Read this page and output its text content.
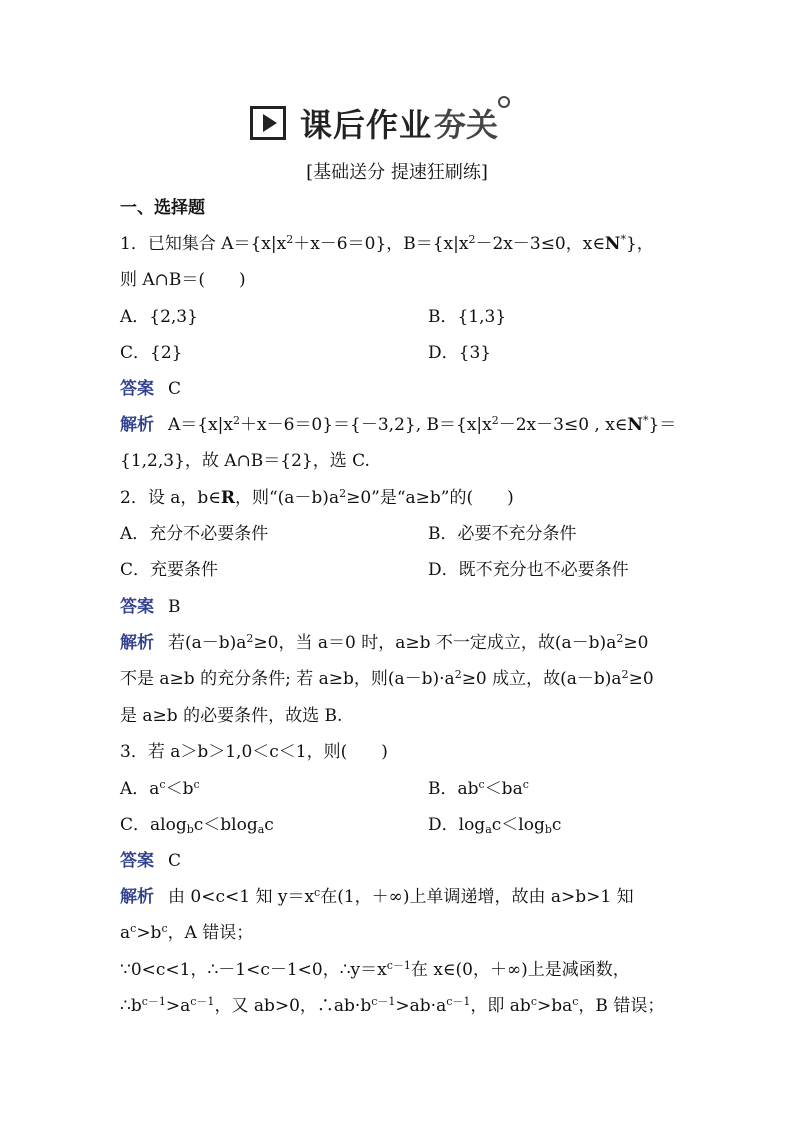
课后作业 夯关
[基础送分 提速狂刷练]
一、选择题
1．已知集合 $A=\{x|x^2+x-6=0\}$，$B=\{x|x^2-2x-3\le 0$，x∈N*}，
则 A∩B＝(　　)
A．{2,3}	B．{1,3}
C．{2}	D．{3}
答案 C
解析 $A=\{x|x^2+x-6=0\}=\{-3,2\}$, $B=\{x|x^2-2x-3\le 0$ , x∈N*}＝
{1,2,3}，故 A∩B＝{2}，选 C.
2．设 a，b∈R，则“$(a-b)a^2\ge 0$”是“a≥b”的(　　)
A．充分不必要条件	B．必要不充分条件
C．充要条件	D．既不充分也不必要条件
答案 B
解析 若$(a-b)a^2\ge 0$，当 a＝0 时，a≥b 不一定成立，故$(a-b)a^2\ge 0$
不是 a≥b 的充分条件; 若 a≥b，则$(a-b)\cdot a^2\ge 0$ 成立，故$(a-b)a^2\ge 0$
是 a≥b 的必要条件，故选 B.
3．若 a＞b＞1,0＜c＜1，则(　　)
A．$a^c<b^c$	B．$ab^c<ba^c$
C．alog$_b$c＜blog$_a$c	D．$\log_ac<\log_bc$
答案 C
解析 由 0<c<1 知 $y=x^c$在(1，＋∞)上单调递增，故由 a>b>1 知
$a^c>b^c$，A 错误；
∵0<c<1，∴－1<c－1<0，$\therefore y=x^{c-1}$在 x∈(0，＋∞)上是减函数，
$\therefore b^{c-1}>a^{c-1}$，又 ab>0，$\therefore ab\cdot b^{c-1}>ab\cdot a^{c-1}$，即 $ab^c>ba^c$，B 错误；
